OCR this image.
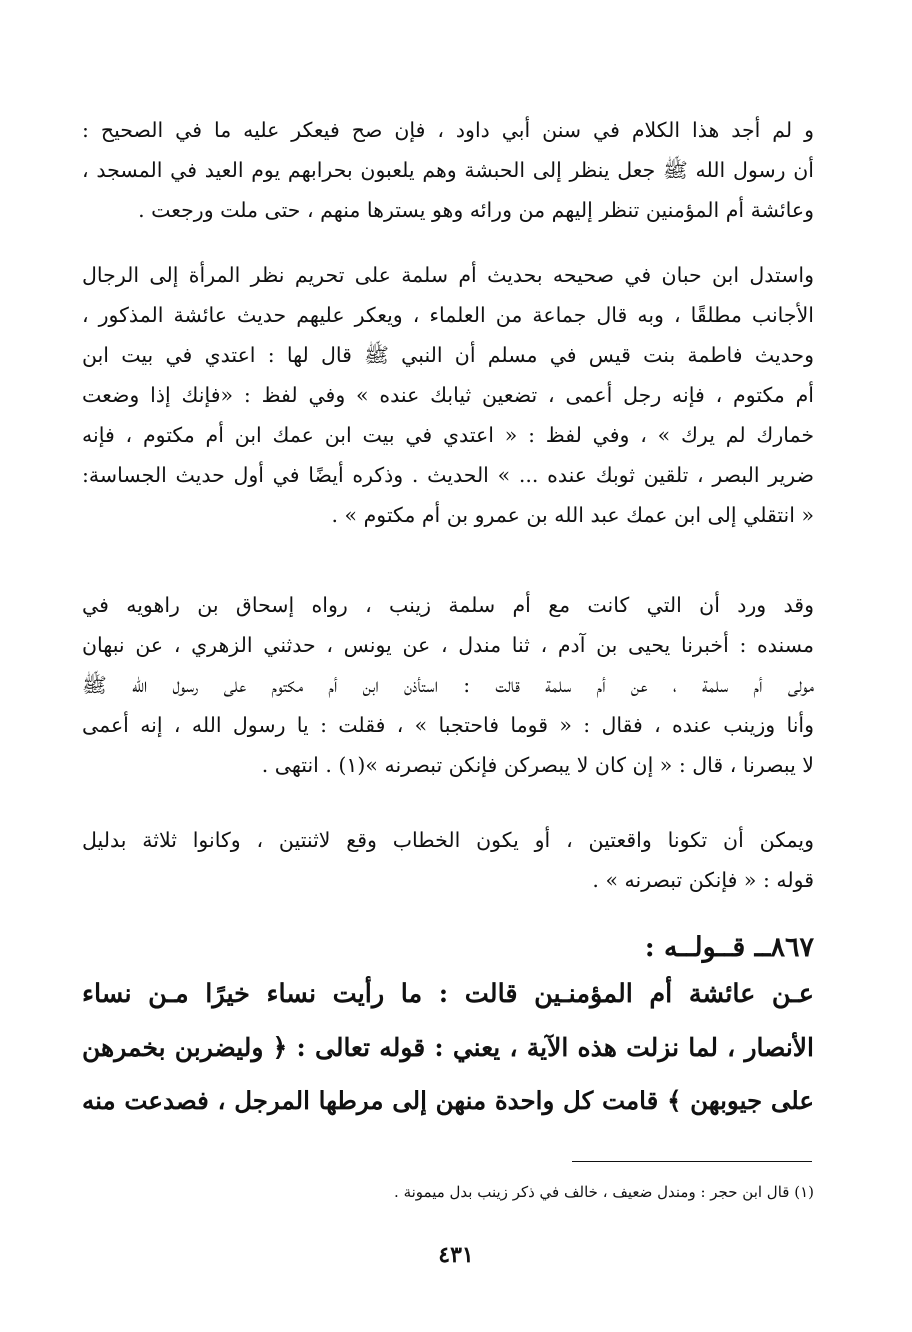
و لم أجد هذا الكلام في سنن أبي داود ، فإن صح فيعكر عليه ما في الصحيح :
أن رسول الله ﷺ جعل ينظر إلى الحبشة وهم يلعبون بحرابهم يوم العيد في المسجد ،
وعائشة أم المؤمنين تنظر إليهم من ورائه وهو يسترها منهم ، حتى ملت ورجعت .
واستدل ابن حبان في صحيحه بحديث أم سلمة على تحريم نظر المرأة إلى الرجال
الأجانب مطلقًا ، وبه قال جماعة من العلماء ، ويعكر عليهم حديث عائشة المذكور ،
وحديث فاطمة بنت قيس في مسلم أن النبي ﷺ قال لها : اعتدي في بيت ابن
أم مكتوم ، فإنه رجل أعمى ، تضعين ثيابك عنده » وفي لفظ : «فإنك إذا وضعت
خمارك لم يرك » ، وفي لفظ : « اعتدي في بيت ابن عمك ابن أم مكتوم ، فإنه
ضرير البصر ، تلقين ثوبك عنده ... » الحديث . وذكره أيضًا في أول حديث الجساسة:
« انتقلي إلى ابن عمك عبد الله بن عمرو بن أم مكتوم » .
وقد ورد أن التي كانت مع أم سلمة زينب ، رواه إسحاق بن راهويه في
مسنده : أخبرنا يحيى بن آدم ، ثنا مندل ، عن يونس ، حدثني الزهري ، عن نبهان
مولى أم سلمة ، عن أم سلمة قالت : استأذن ابن أم مكتوم على رسول الله ﷺ
وأنا وزينب عنده ، فقال : « قوما فاحتجبا » ، فقلت : يا رسول الله ، إنه أعمى
لا يبصرنا ، قال : « إن كان لا يبصركن فإنكن تبصرنه »(١) . انتهى .
ويمكن أن تكونا واقعتين ، أو يكون الخطاب وقع لاثنتين ، وكانوا ثلاثة بدليل
قوله : « فإنكن تبصرنه » .
٨٦٧ــ قــولــه :
عـن عائشة أم المؤمنـين قالت : ما رأيت نساء خيرًا مـن نساء
الأنصار ، لما نزلت هذه الآية ، يعني : قوله تعالى : ﴿ وليضربن بخمرهن
على جيوبهن ﴾ قامت كل واحدة منهن إلى مرطها المرجل ، فصدعت منه
(١) قال ابن حجر : ومندل ضعيف ، خالف في ذكر زينب بدل ميمونة .
٤٣١
